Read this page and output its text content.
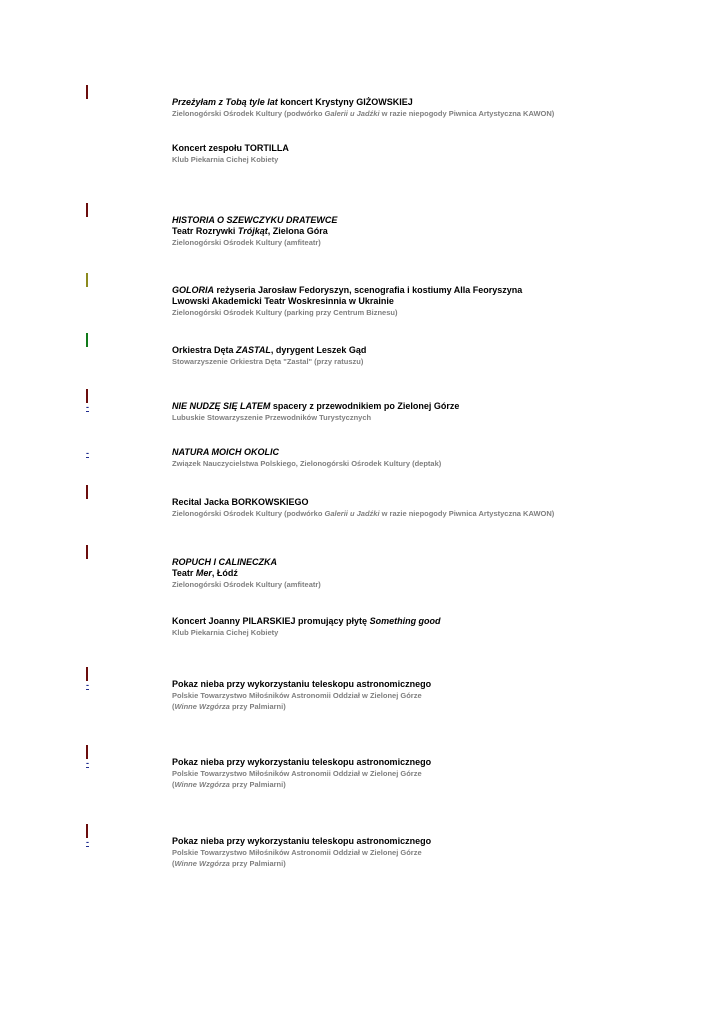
Przeżyłam z Tobą tyle lat koncert Krystyny GIŻOWSKIEJ
Zielonogórski Ośrodek Kultury (podwórko Galerii u Jadźki w razie niepogody Piwnica Artystyczna KAWON)
Koncert zespołu TORTILLA
Klub Piekarnia Cichej Kobiety
HISTORIA O SZEWCZYKU DRATEWCE
Teatr Rozrywki Trójkąt, Zielona Góra
Zielonogórski Ośrodek Kultury (amfiteatr)
GOLORIA reżyseria Jarosław Fedoryszyn, scenografia i kostiumy Alla Feoryszyna
Lwowski Akademicki Teatr Woskresinnia w Ukrainie
Zielonogórski Ośrodek Kultury (parking przy Centrum Biznesu)
Orkiestra Dęta ZASTAL, dyrygent Leszek Gąd
Stowarzyszenie Orkiestra Dęta "Zastal" (przy ratuszu)
-	NIE NUDZĘ SIĘ LATEM spacery z przewodnikiem po Zielonej Górze
Lubuskie Stowarzyszenie Przewodników Turystycznych
-	NATURA MOICH OKOLIC
Związek Nauczycielstwa Polskiego, Zielonogórski Ośrodek Kultury (deptak)
Recital Jacka BORKOWSKIEGO
Zielonogórski Ośrodek Kultury (podwórko Galerii u Jadźki w razie niepogody Piwnica Artystyczna KAWON)
ROPUCH I CALINECZKA
Teatr Mer, Łódź
Zielonogórski Ośrodek Kultury (amfiteatr)
Koncert Joanny PILARSKIEJ promujący płytę Something good
Klub Piekarnia Cichej Kobiety
-	Pokaz nieba przy wykorzystaniu teleskopu astronomicznego
Polskie Towarzystwo Miłośników Astronomii Oddział w Zielonej Górze
(Winne Wzgórza przy Palmiarni)
-	Pokaz nieba przy wykorzystaniu teleskopu astronomicznego
Polskie Towarzystwo Miłośników Astronomii Oddział w Zielonej Górze
(Winne Wzgórza przy Palmiarni)
-	Pokaz nieba przy wykorzystaniu teleskopu astronomicznego
Polskie Towarzystwo Miłośników Astronomii Oddział w Zielonej Górze
(Winne Wzgórza przy Palmiarni)
